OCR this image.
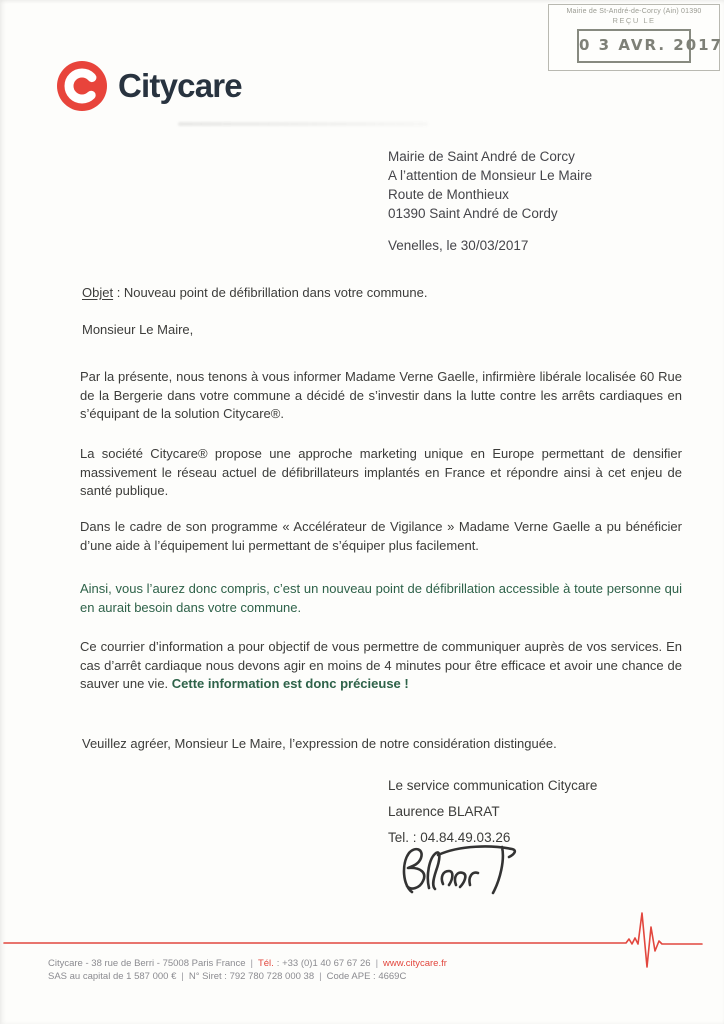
Mairie de St-André-de-Corcy (Ain) 01390
REÇU LE
0 3 AVR. 2017
Citycare
Mairie de Saint André de Corcy
A l’attention de Monsieur Le Maire
Route de Monthieux
01390 Saint André de Cordy
Venelles, le 30/03/2017
Objet : Nouveau point de défibrillation dans votre commune.
Monsieur Le Maire,

Par la présente, nous tenons à vous informer Madame Verne Gaelle, infirmière libérale localisée 60 Rue de la Bergerie dans votre commune a décidé de s’investir dans la lutte contre les arrêts cardiaques en s’équipant de la solution Citycare®.

La société Citycare® propose une approche marketing unique en Europe permettant de densifier massivement le réseau actuel de défibrillateurs implantés en France et répondre ainsi à cet enjeu de santé publique.

Dans le cadre de son programme « Accélérateur de Vigilance » Madame Verne Gaelle a pu bénéficier d’une aide à l’équipement lui permettant de s’équiper plus facilement.

Ainsi, vous l’aurez donc compris, c’est un nouveau point de défibrillation accessible à toute personne qui en aurait besoin dans votre commune.

Ce courrier d’information a pour objectif de vous permettre de communiquer auprès de vos services. En cas d’arrêt cardiaque nous devons agir en moins de 4 minutes pour être efficace et avoir une chance de sauver une vie. Cette information est donc précieuse !

Veuillez agréer, Monsieur Le Maire, l’expression de notre considération distinguée.

Le service communication Citycare
Laurence BLARAT
Tel. : 04.84.49.03.26
Citycare - 38 rue de Berri - 75008 Paris France | Tél. : +33 (0)1 40 67 67 26 | www.citycare.fr
SAS au capital de 1 587 000 € | N° Siret : 792 780 728 000 38 | Code APE : 4669C
